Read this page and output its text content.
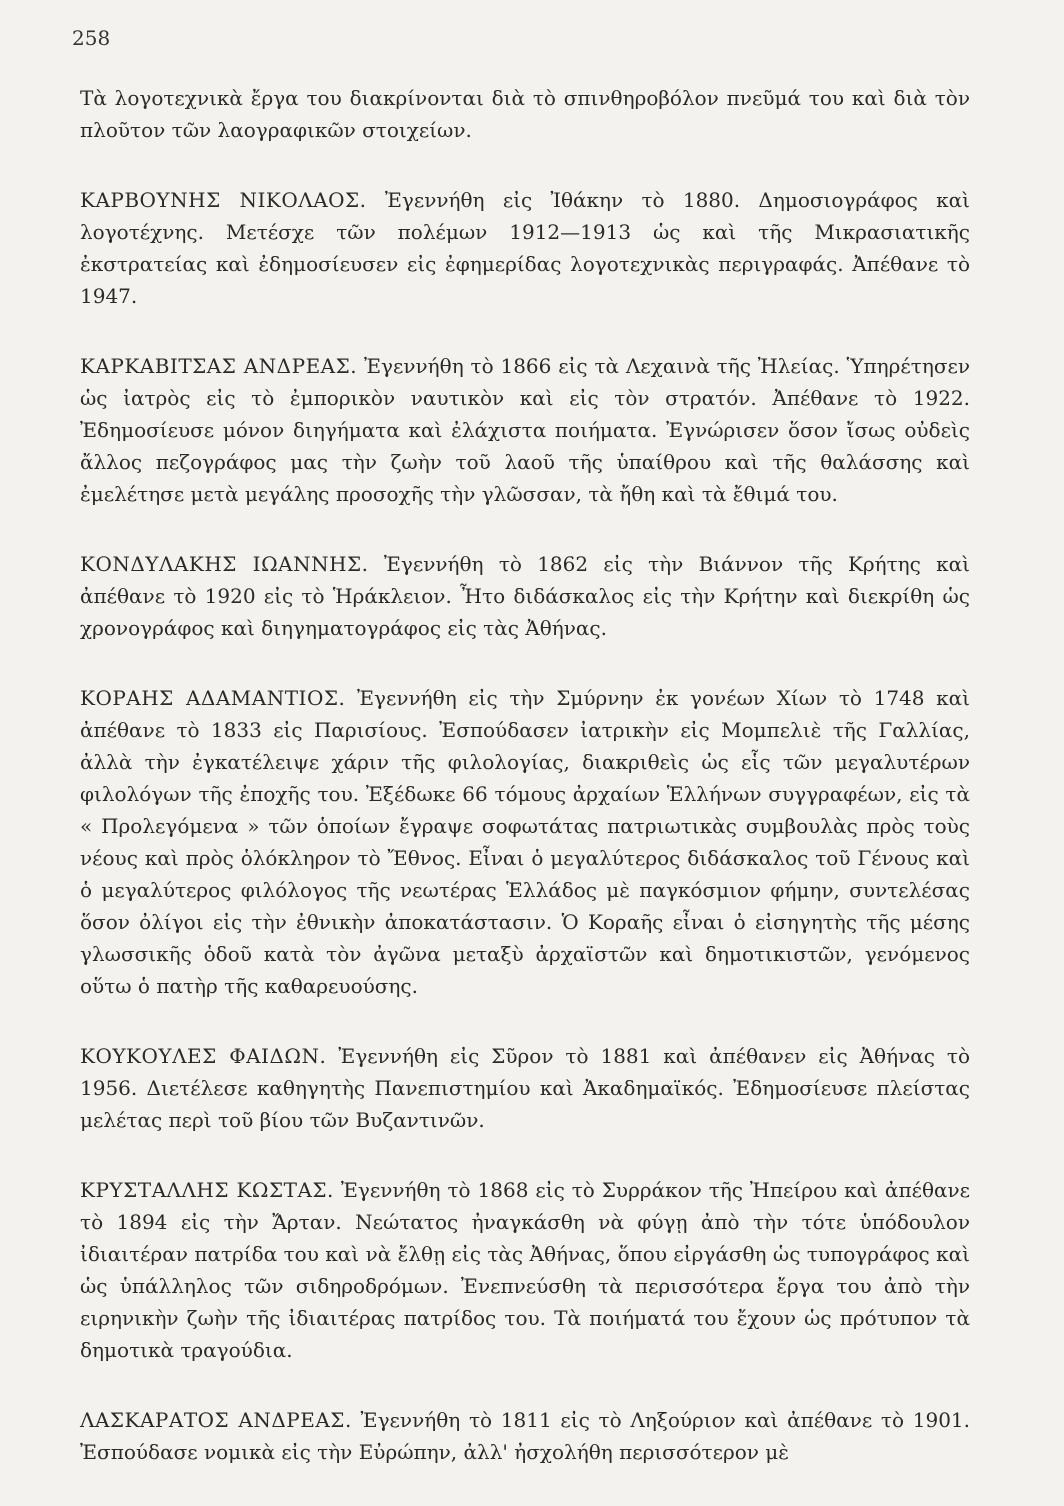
258

Τὰ λογοτεχνικὰ ἔργα του διακρίνονται διὰ τὸ σπινθηροβόλον πνεῦμά του καὶ διὰ τὸν πλοῦτον τῶν λαογραφικῶν στοιχείων.

ΚΑΡΒΟΥΝΗΣ ΝΙΚΟΛΑΟΣ. Ἐγεννήθη εἰς Ἰθάκην τὸ 1880. Δημοσιογράφος καὶ λογοτέχνης. Μετέσχε τῶν πολέμων 1912—1913 ὡς καὶ τῆς Μικρασιατικῆς ἐκστρατείας καὶ ἐδημοσίευσεν εἰς ἐφημερίδας λογοτεχνικὰς περιγραφάς. Ἀπέθανε τὸ 1947.

ΚΑΡΚΑΒΙΤΣΑΣ ΑΝΔΡΕΑΣ. Ἐγεννήθη τὸ 1866 εἰς τὰ Λεχαινὰ τῆς Ἠλείας. Ὑπηρέτησεν ὡς ἰατρὸς εἰς τὸ ἐμπορικὸν ναυτικὸν καὶ εἰς τὸν στρατόν. Ἀπέθανε τὸ 1922. Ἐδημοσίευσε μόνον διηγήματα καὶ ἐλάχιστα ποιήματα. Ἐγνώρισεν ὅσον ἴσως οὐδεὶς ἄλλος πεζογράφος μας τὴν ζωὴν τοῦ λαοῦ τῆς ὑπαίθρου καὶ τῆς θαλάσσης καὶ ἐμελέτησε μετὰ μεγάλης προσοχῆς τὴν γλῶσσαν, τὰ ἤθη καὶ τὰ ἔθιμά του.

ΚΟΝΔΥΛΑΚΗΣ ΙΩΑΝΝΗΣ. Ἐγεννήθη τὸ 1862 εἰς τὴν Βιάννον τῆς Κρήτης καὶ ἀπέθανε τὸ 1920 εἰς τὸ Ἡράκλειον. Ἦτο διδάσκαλος εἰς τὴν Κρήτην καὶ διεκρίθη ὡς χρονογράφος καὶ διηγηματογράφος εἰς τὰς Ἀθήνας.

ΚΟΡΑΗΣ ΑΔΑΜΑΝΤΙΟΣ. Ἐγεννήθη εἰς τὴν Σμύρνην ἐκ γονέων Χίων τὸ 1748 καὶ ἀπέθανε τὸ 1833 εἰς Παρισίους. Ἐσπούδασεν ἰατρικὴν εἰς Μομπελιὲ τῆς Γαλλίας, ἀλλὰ τὴν ἐγκατέλειψε χάριν τῆς φιλολογίας, διακριθεὶς ὡς εἷς τῶν μεγαλυτέρων φιλολόγων τῆς ἐποχῆς του. Ἐξέδωκε 66 τόμους ἀρχαίων Ἑλλήνων συγγραφέων, εἰς τὰ « Προλεγόμενα » τῶν ὁποίων ἔγραψε σοφωτάτας πατριωτικὰς συμβουλὰς πρὸς τοὺς νέους καὶ πρὸς ὁλόκληρον τὸ Ἔθνος. Εἶναι ὁ μεγαλύτερος διδάσκαλος τοῦ Γένους καὶ ὁ μεγαλύτερος φιλόλογος τῆς νεωτέρας Ἑλλάδος μὲ παγκόσμιον φήμην, συντελέσας ὅσον ὀλίγοι εἰς τὴν ἐθνικὴν ἀποκατάστασιν. Ὁ Κοραῆς εἶναι ὁ εἰσηγητὴς τῆς μέσης γλωσσικῆς ὁδοῦ κατὰ τὸν ἀγῶνα μεταξὺ ἀρχαϊστῶν καὶ δημοτικιστῶν, γενόμενος οὕτω ὁ πατὴρ τῆς καθαρευούσης.

ΚΟΥΚΟΥΛΕΣ ΦΑΙΔΩΝ. Ἐγεννήθη εἰς Σῦρον τὸ 1881 καὶ ἀπέθανεν εἰς Ἀθήνας τὸ 1956. Διετέλεσε καθηγητὴς Πανεπιστημίου καὶ Ἀκαδημαϊκός. Ἐδημοσίευσε πλείστας μελέτας περὶ τοῦ βίου τῶν Βυζαντινῶν.

ΚΡΥΣΤΑΛΛΗΣ ΚΩΣΤΑΣ. Ἐγεννήθη τὸ 1868 εἰς τὸ Συρράκον τῆς Ἠπείρου καὶ ἀπέθανε τὸ 1894 εἰς τὴν Ἄρταν. Νεώτατος ἠναγκάσθη νὰ φύγῃ ἀπὸ τὴν τότε ὑπόδουλον ἰδιαιτέραν πατρίδα του καὶ νὰ ἔλθῃ εἰς τὰς Ἀθήνας, ὅπου εἰργάσθη ὡς τυπογράφος καὶ ὡς ὑπάλληλος τῶν σιδηροδρόμων. Ἐνεπνεύσθη τὰ περισσότερα ἔργα του ἀπὸ τὴν ειρηνικὴν ζωὴν τῆς ἰδιαιτέρας πατρίδος του. Τὰ ποιήματά του ἔχουν ὡς πρότυπον τὰ δημοτικὰ τραγούδια.

ΛΑΣΚΑΡΑΤΟΣ ΑΝΔΡΕΑΣ. Ἐγεννήθη τὸ 1811 εἰς τὸ Ληξούριον καὶ ἀπέθανε τὸ 1901. Ἐσπούδασε νομικὰ εἰς τὴν Εὐρώπην, ἀλλ' ἠσχολήθη περισσότερον μὲ
